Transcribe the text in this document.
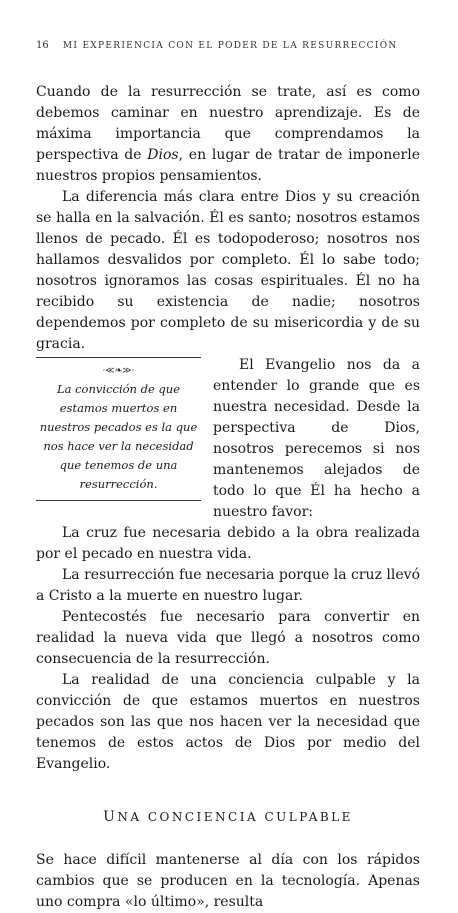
16 MI EXPERIENCIA CON EL PODER DE LA RESURRECCIÓN

Cuando de la resurrección se trate, así es como debemos caminar en nuestro aprendizaje. Es de máxima importancia que comprendamos la perspectiva de Dios, en lugar de tratar de imponerle nuestros propios pensamientos.

La diferencia más clara entre Dios y su creación se halla en la salvación. Él es santo; nosotros estamos llenos de pecado. Él es todopoderoso; nosotros nos hallamos desvalidos por completo. Él lo sabe todo; nosotros ignoramos las cosas espirituales. Él no ha recibido su existencia de nadie; nosotros dependemos por completo de su misericordia y de su gracia.

·≪❧≫·
La convicción de que estamos muertos en nuestros pecados es la que nos hace ver la necesidad que tenemos de una resurrección.

El Evangelio nos da a entender lo grande que es nuestra necesidad. Desde la perspectiva de Dios, nosotros perecemos si nos mantenemos alejados de todo lo que Él ha hecho a nuestro favor:

La cruz fue necesaria debido a la obra realizada por el pecado en nuestra vida.

La resurrección fue necesaria porque la cruz llevó a Cristo a la muerte en nuestro lugar.

Pentecostés fue necesario para convertir en realidad la nueva vida que llegó a nosotros como consecuencia de la resurrección.

La realidad de una conciencia culpable y la convicción de que estamos muertos en nuestros pecados son las que nos hacen ver la necesidad que tenemos de estos actos de Dios por medio del Evangelio.

UNA CONCIENCIA CULPABLE

Se hace difícil mantenerse al día con los rápidos cambios que se producen en la tecnología. Apenas uno compra «lo último», resulta
